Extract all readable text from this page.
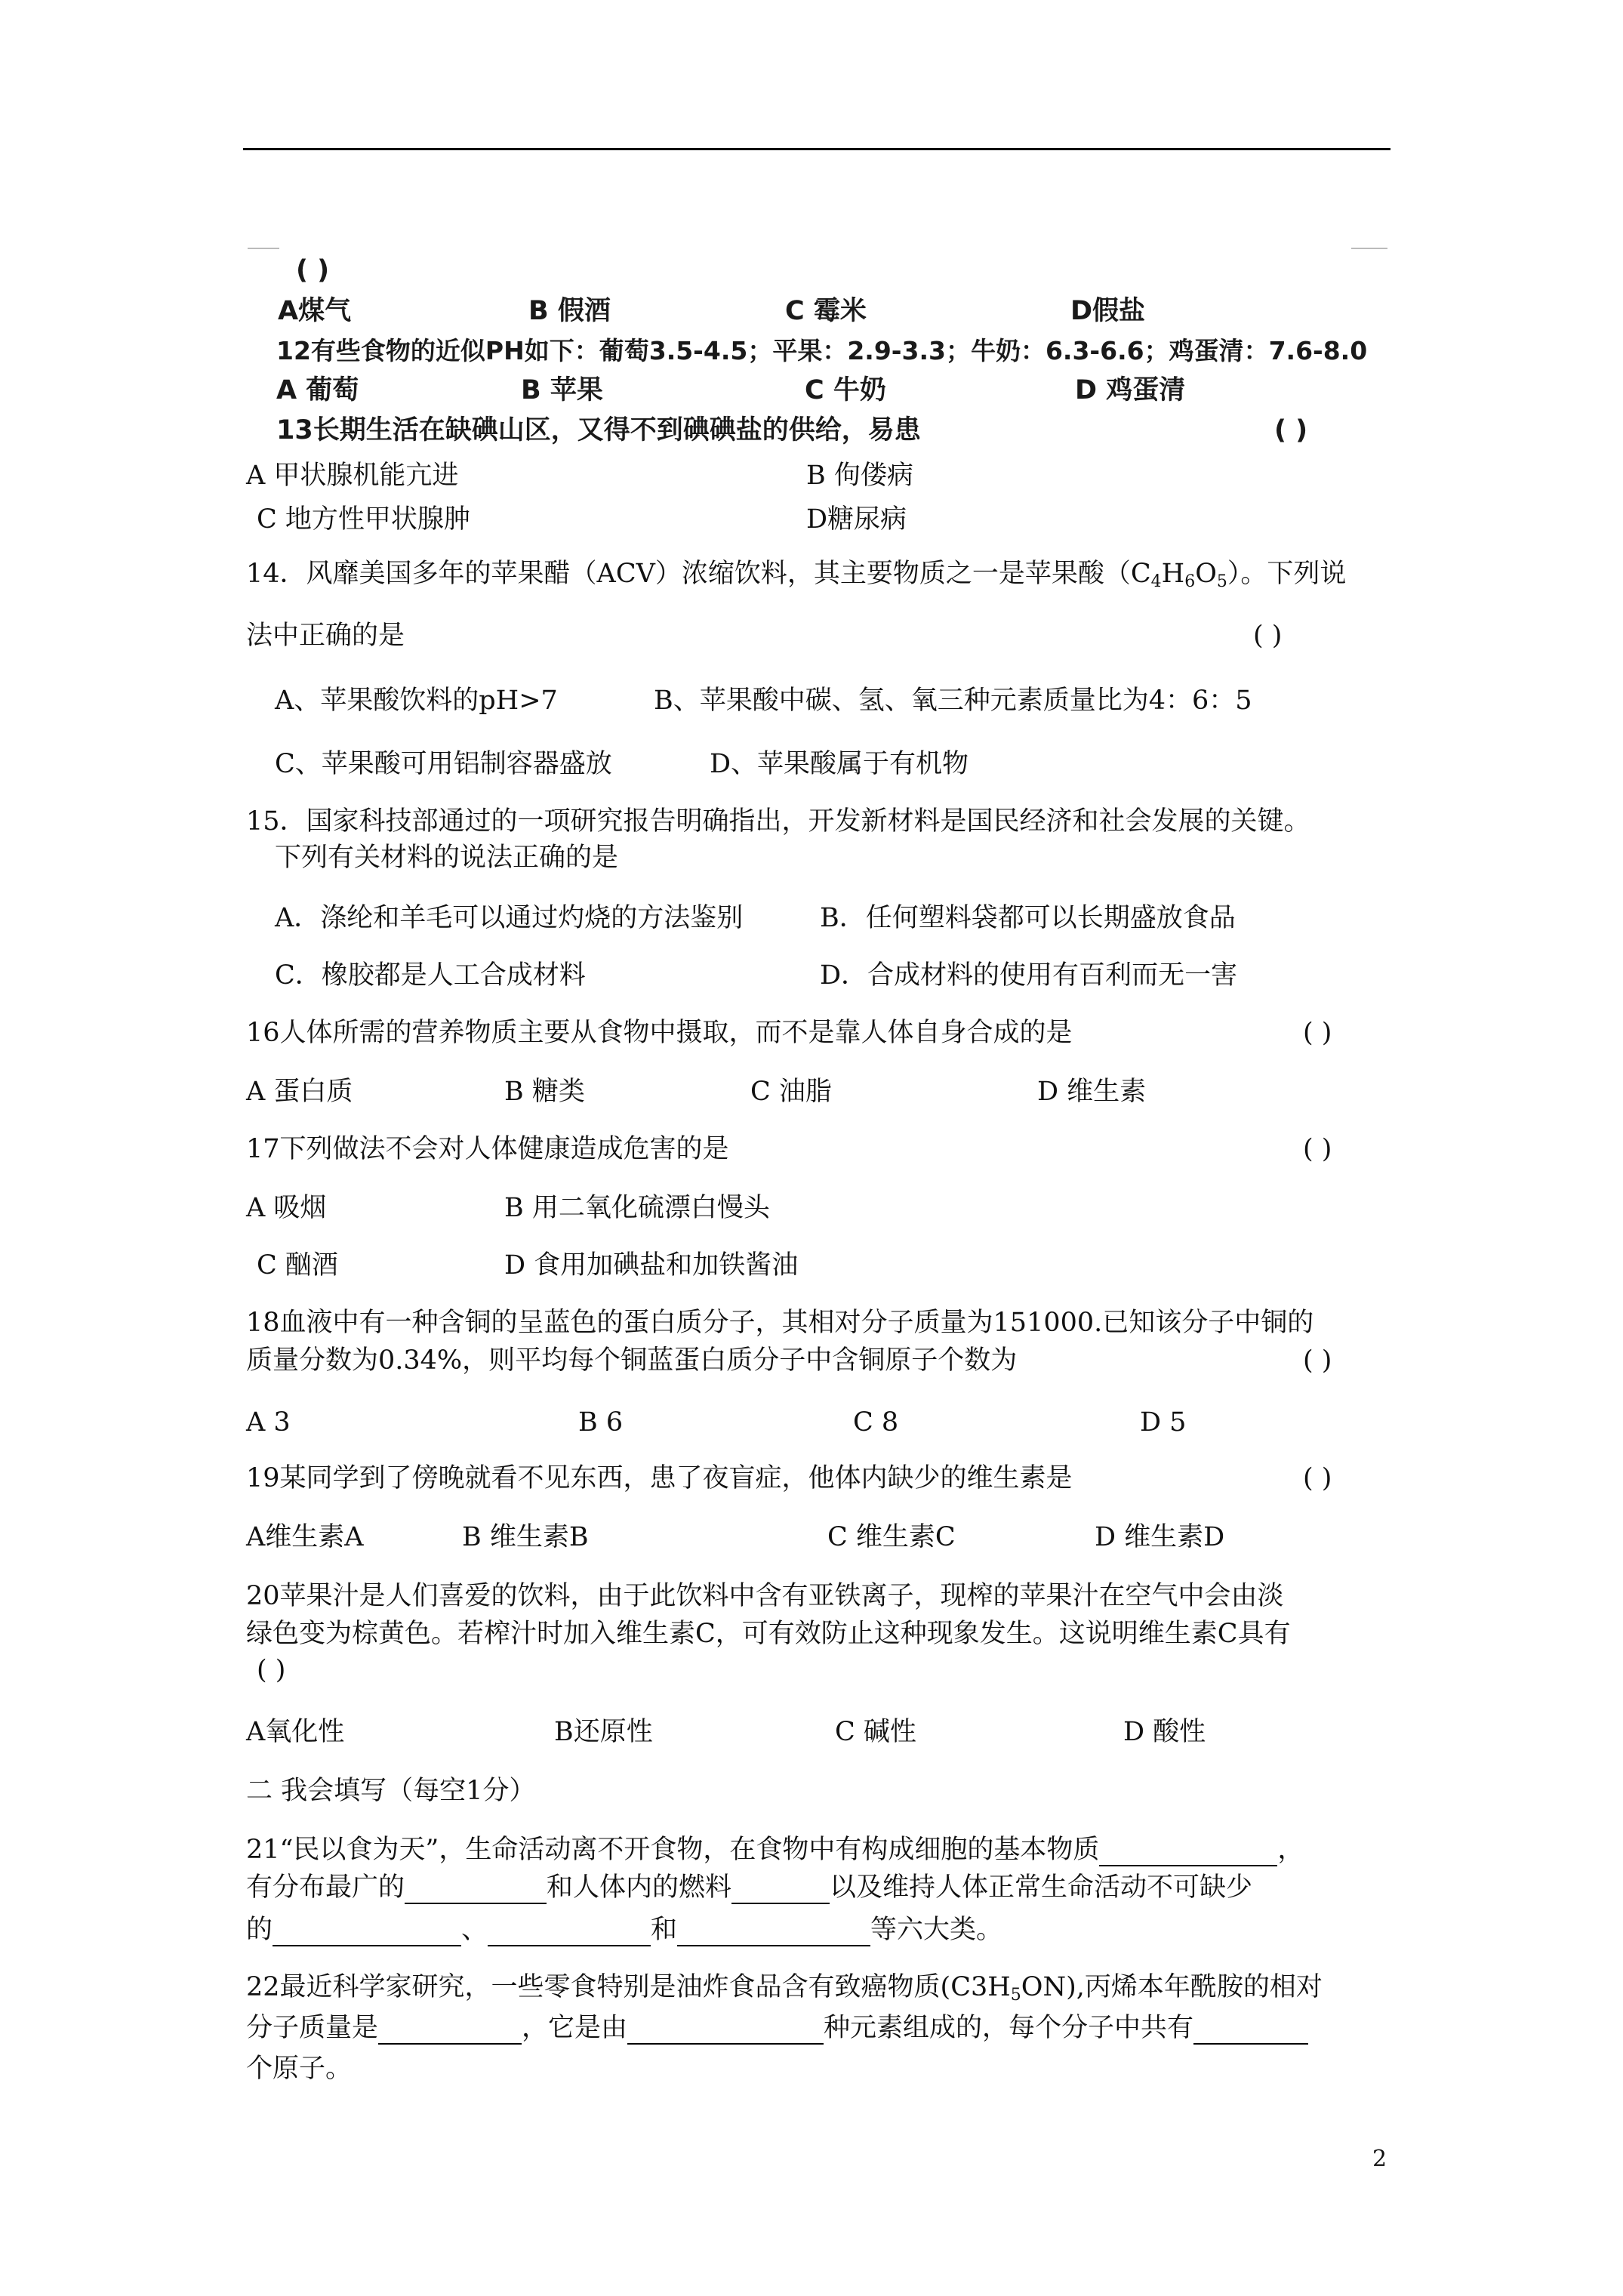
( )
A煤气	B 假酒	C 霉米	D假盐
12有些食物的近似PH如下：葡萄3.5-4.5；平果：2.9-3.3；牛奶：6.3-6.6；鸡蛋清：7.6-8.0
A 葡萄	B 苹果	C 牛奶	D 鸡蛋清
13长期生活在缺碘山区，又得不到碘碘盐的供给，易患	( )
A 甲状腺机能亢进	B 佝偻病
C 地方性甲状腺肿	D糖尿病
14．风靡美国多年的苹果醋（ACV）浓缩饮料，其主要物质之一是苹果酸$(C_4H_6O_5)$。下列说
法中正确的是	( )
A、苹果酸饮料的pH>7	B、苹果酸中碳、氢、氧三种元素质量比为4：6：5
C、苹果酸可用铝制容器盛放	D、苹果酸属于有机物
15．国家科技部通过的一项研究报告明确指出，开发新材料是国民经济和社会发展的关键。
下列有关材料的说法正确的是
A．涤纶和羊毛可以通过灼烧的方法鉴别	B．任何塑料袋都可以长期盛放食品
C．橡胶都是人工合成材料	D．合成材料的使用有百利而无一害
16人体所需的营养物质主要从食物中摄取，而不是靠人体自身合成的是	( )
A 蛋白质	B 糖类	C 油脂	D 维生素
17下列做法不会对人体健康造成危害的是	( )
A 吸烟	B 用二氧化硫漂白慢头
C 酗酒	D 食用加碘盐和加铁酱油
18血液中有一种含铜的呈蓝色的蛋白质分子，其相对分子质量为151000.已知该分子中铜的
质量分数为0.34%，则平均每个铜蓝蛋白质分子中含铜原子个数为	( )
A 3	B 6	C 8	D 5
19某同学到了傍晚就看不见东西，患了夜盲症，他体内缺少的维生素是	( )
A维生素A	B 维生素B	C 维生素C	D 维生素D
20苹果汁是人们喜爱的饮料，由于此饮料中含有亚铁离子，现榨的苹果汁在空气中会由淡
绿色变为棕黄色。若榨汁时加入维生素C，可有效防止这种现象发生。这说明维生素C具有
( )
A氧化性	B还原性	C 碱性	D 酸性
二 我会填写（每空1分）
21“民以食为天”，生命活动离不开食物，在食物中有构成细胞的基本物质	，
有分布最广的	和人体内的燃料	以及维持人体正常生命活动不可缺少
的	、	和	等六大类。
22最近科学家研究，一些零食特别是油炸食品含有致癌物质$(C3H_5ON)$,丙烯本年酰胺的相对
分子质量是	，它是由	种元素组成的，每个分子中共有
个原子。
2
